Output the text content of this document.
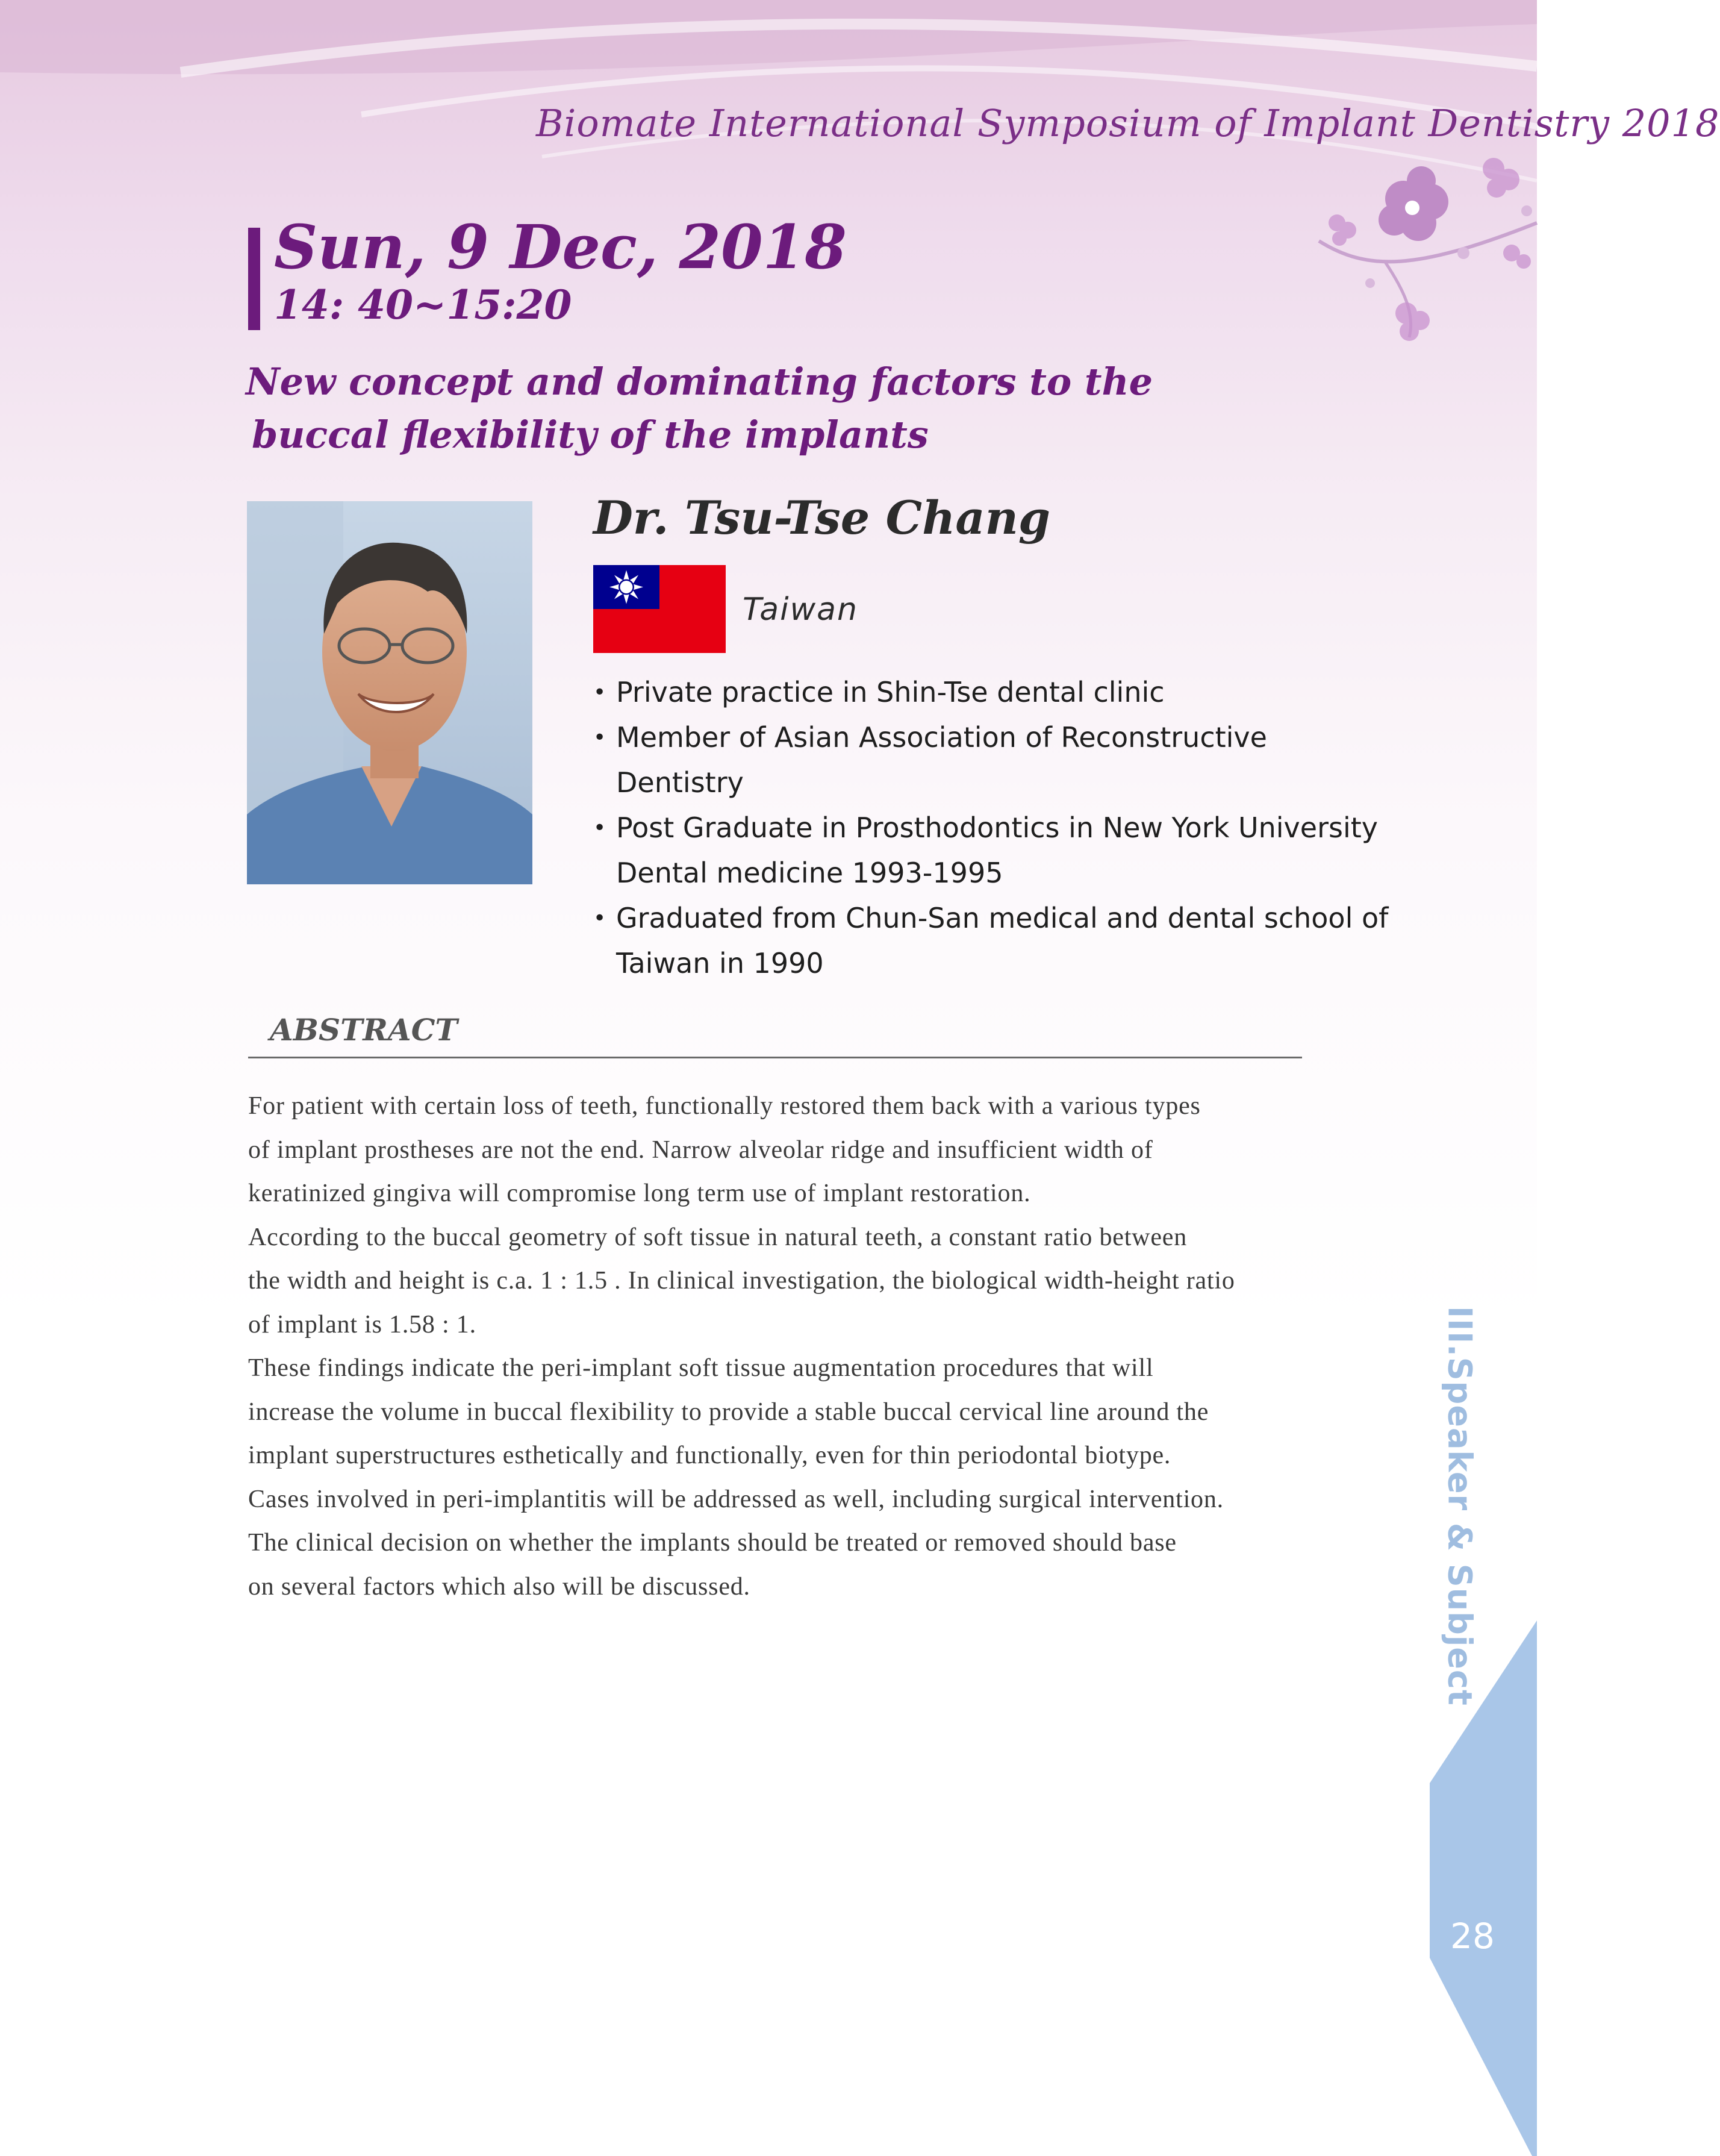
Biomate International Symposium of Implant Dentistry 2018
Sun, 9 Dec, 2018
14: 40~15:20
New concept and dominating factors to the
buccal flexibility of the implants
Dr. Tsu-Tse Chang
Taiwan
• Private practice in Shin-Tse dental clinic
• Member of Asian Association of Reconstructive Dentistry
• Post Graduate in Prosthodontics in New York University
Dental medicine 1993-1995
• Graduated from Chun-San medical and dental school of
Taiwan in 1990
ABSTRACT
For patient with certain loss of teeth, functionally restored them back with a various types
of implant prostheses are not the end. Narrow alveolar ridge and insufficient width of
keratinized gingiva will compromise long term use of implant restoration.
According to the buccal geometry of soft tissue in natural teeth, a constant ratio between
the width and height is c.a. 1 : 1.5 . In clinical investigation, the biological width-height ratio
of implant is 1.58 : 1.
These findings indicate the peri-implant soft tissue augmentation procedures that will
increase the volume in buccal flexibility to provide a stable buccal cervical line around the
implant superstructures esthetically and functionally, even for thin periodontal biotype.
Cases involved in peri-implantitis will be addressed as well, including surgical intervention.
The clinical decision on whether the implants should be treated or removed should base
on several factors which also will be discussed.	III.Speaker & Subject
28
